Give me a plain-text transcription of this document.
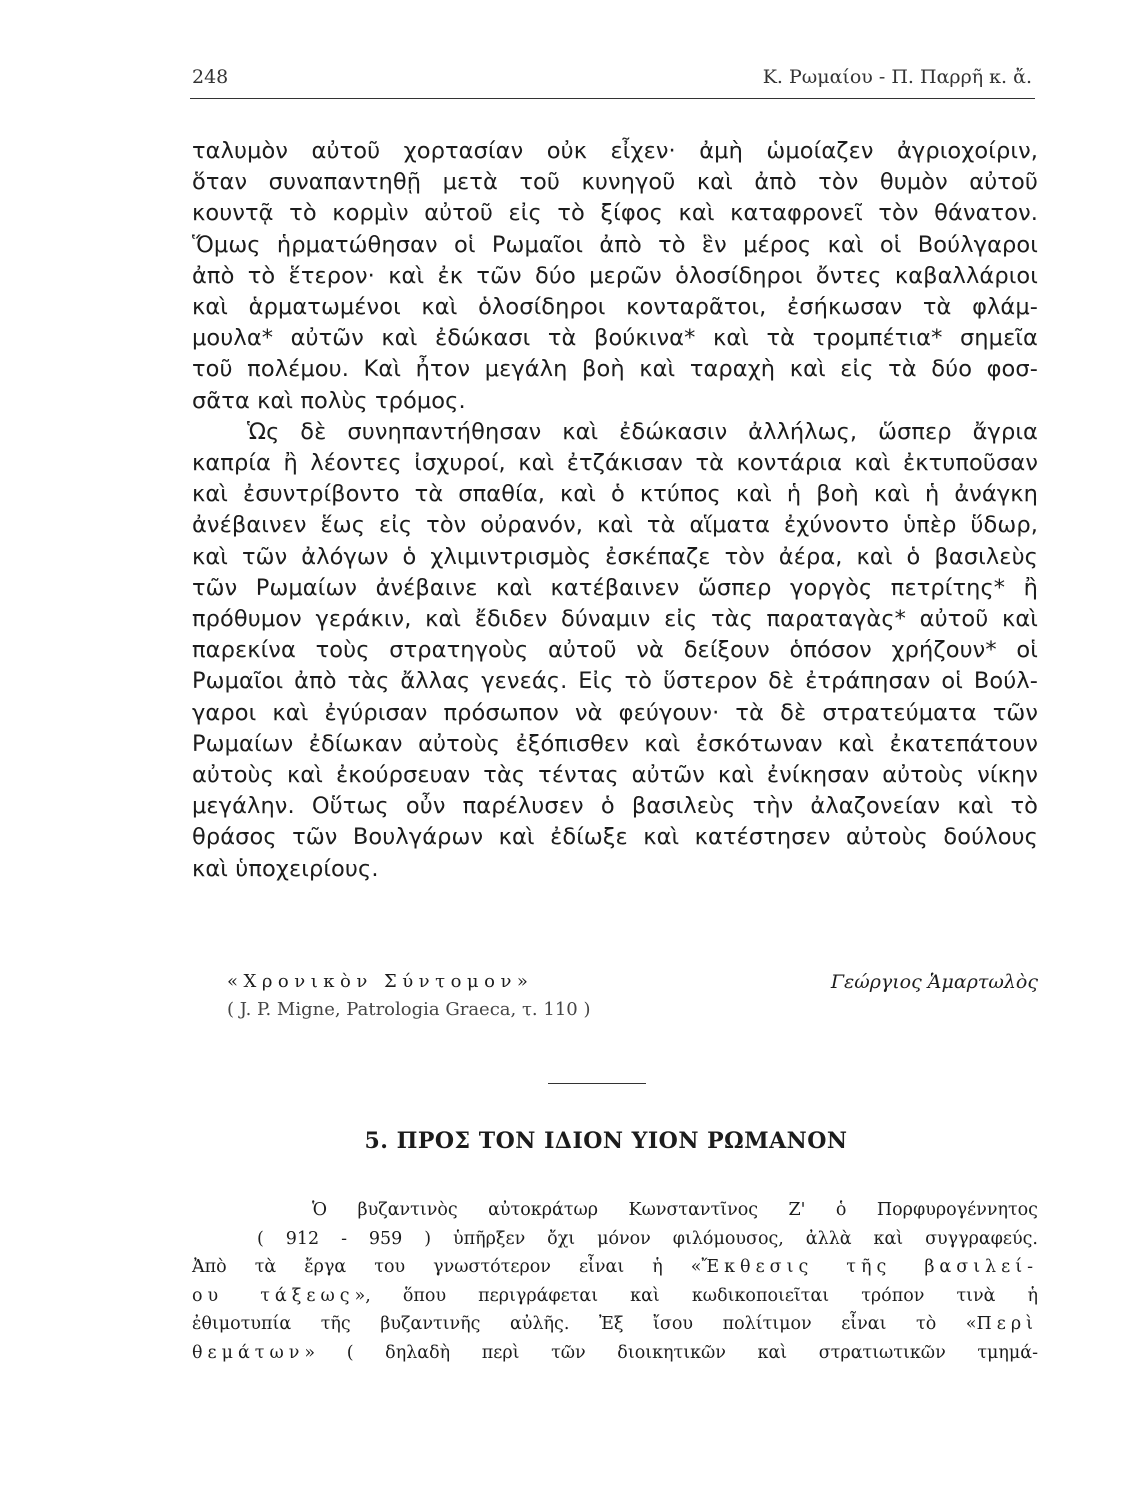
248	Κ. Ρωμαίου - Π. Παρρῆ κ. ἄ.
ταλυμὸν αὐτοῦ χορτασίαν οὐκ εἶχεν· ἀμὴ ὡμοίαζεν ἀγριοχοίριν,
ὅταν συναπαντηθῇ μετὰ τοῦ κυνηγοῦ καὶ ἀπὸ τὸν θυμὸν αὐτοῦ
κουντᾷ τὸ κορμὶν αὐτοῦ εἰς τὸ ξίφος καὶ καταφρονεῖ τὸν θάνατον.
Ὅμως ἡρματώθησαν οἱ Ρωμαῖοι ἀπὸ τὸ ἓν μέρος καὶ οἱ Βούλγαροι
ἀπὸ τὸ ἕτερον· καὶ ἐκ τῶν δύο μερῶν ὁλοσίδηροι ὄντες καβαλλάριοι
καὶ ἁρματωμένοι καὶ ὁλοσίδηροι κονταρᾶτοι, ἐσήκωσαν τὰ φλάμ-
μουλα* αὐτῶν καὶ ἐδώκασι τὰ βούκινα* καὶ τὰ τρομπέτια* σημεῖα
τοῦ πολέμου. Καὶ ἦτον μεγάλη βοὴ καὶ ταραχὴ καὶ εἰς τὰ δύο φοσ-
σᾶτα καὶ πολὺς τρόμος.
Ὡς δὲ συνηπαντήθησαν καὶ ἐδώκασιν ἀλλήλως, ὥσπερ ἄγρια
καπρία ἢ λέοντες ἰσχυροί, καὶ ἐτζάκισαν τὰ κοντάρια καὶ ἐκτυποῦσαν
καὶ ἐσυντρίβοντο τὰ σπαθία, καὶ ὁ κτύπος καὶ ἡ βοὴ καὶ ἡ ἀνάγκη
ἀνέβαινεν ἕως εἰς τὸν οὐρανόν, καὶ τὰ αἵματα ἐχύνοντο ὑπὲρ ὕδωρ,
καὶ τῶν ἀλόγων ὁ χλιμιντρισμὸς ἐσκέπαζε τὸν ἀέρα, καὶ ὁ βασιλεὺς
τῶν Ρωμαίων ἀνέβαινε καὶ κατέβαινεν ὥσπερ γοργὸς πετρίτης* ἢ
πρόθυμον γεράκιν, καὶ ἔδιδεν δύναμιν εἰς τὰς παραταγὰς* αὐτοῦ καὶ
παρεκίνα τοὺς στρατηγοὺς αὐτοῦ νὰ δείξουν ὁπόσον χρήζουν* οἱ
Ρωμαῖοι ἀπὸ τὰς ἄλλας γενεάς. Εἰς τὸ ὕστερον δὲ ἐτράπησαν οἱ Βούλ-
γαροι καὶ ἐγύρισαν πρόσωπον νὰ φεύγουν· τὰ δὲ στρατεύματα τῶν
Ρωμαίων ἐδίωκαν αὐτοὺς ἐξόπισθεν καὶ ἐσκότωναν καὶ ἐκατεπάτουν
αὐτοὺς καὶ ἐκούρσευαν τὰς τέντας αὐτῶν καὶ ἐνίκησαν αὐτοὺς νίκην
μεγάλην. Οὕτως οὖν παρέλυσεν ὁ βασιλεὺς τὴν ἀλαζονείαν καὶ τὸ
θράσος τῶν Βουλγάρων καὶ ἐδίωξε καὶ κατέστησεν αὐτοὺς δούλους
καὶ ὑποχειρίους.
«Χρονικὸν Σύντομον»	Γεώργιος Ἁμαρτωλὸς
( J. P. Migne, Patrologia Graeca, τ. 110 )
5. ΠΡΟΣ ΤΟΝ ΙΔΙΟΝ ΥΙΟΝ ΡΩΜΑΝΟΝ
Ὁ βυζαντινὸς αὐτοκράτωρ Κωνσταντῖνος Ζ' ὁ Πορφυρογέννητος
( 912 - 959 ) ὑπῆρξεν ὄχι μόνον φιλόμουσος, ἀλλὰ καὶ συγγραφεύς.
Ἀπὸ τὰ ἔργα του γνωστότερον εἶναι ἡ «Ἔκθεσις τῆς βασιλεί-
ου τάξεως», ὅπου περιγράφεται καὶ κωδικοποιεῖται τρόπον τινὰ ἡ
ἐθιμοτυπία τῆς βυζαντινῆς αὐλῆς. Ἐξ ἴσου πολίτιμον εἶναι τὸ «Περὶ
θεμάτων» ( δηλαδὴ περὶ τῶν διοικητικῶν καὶ στρατιωτικῶν τμημά-
